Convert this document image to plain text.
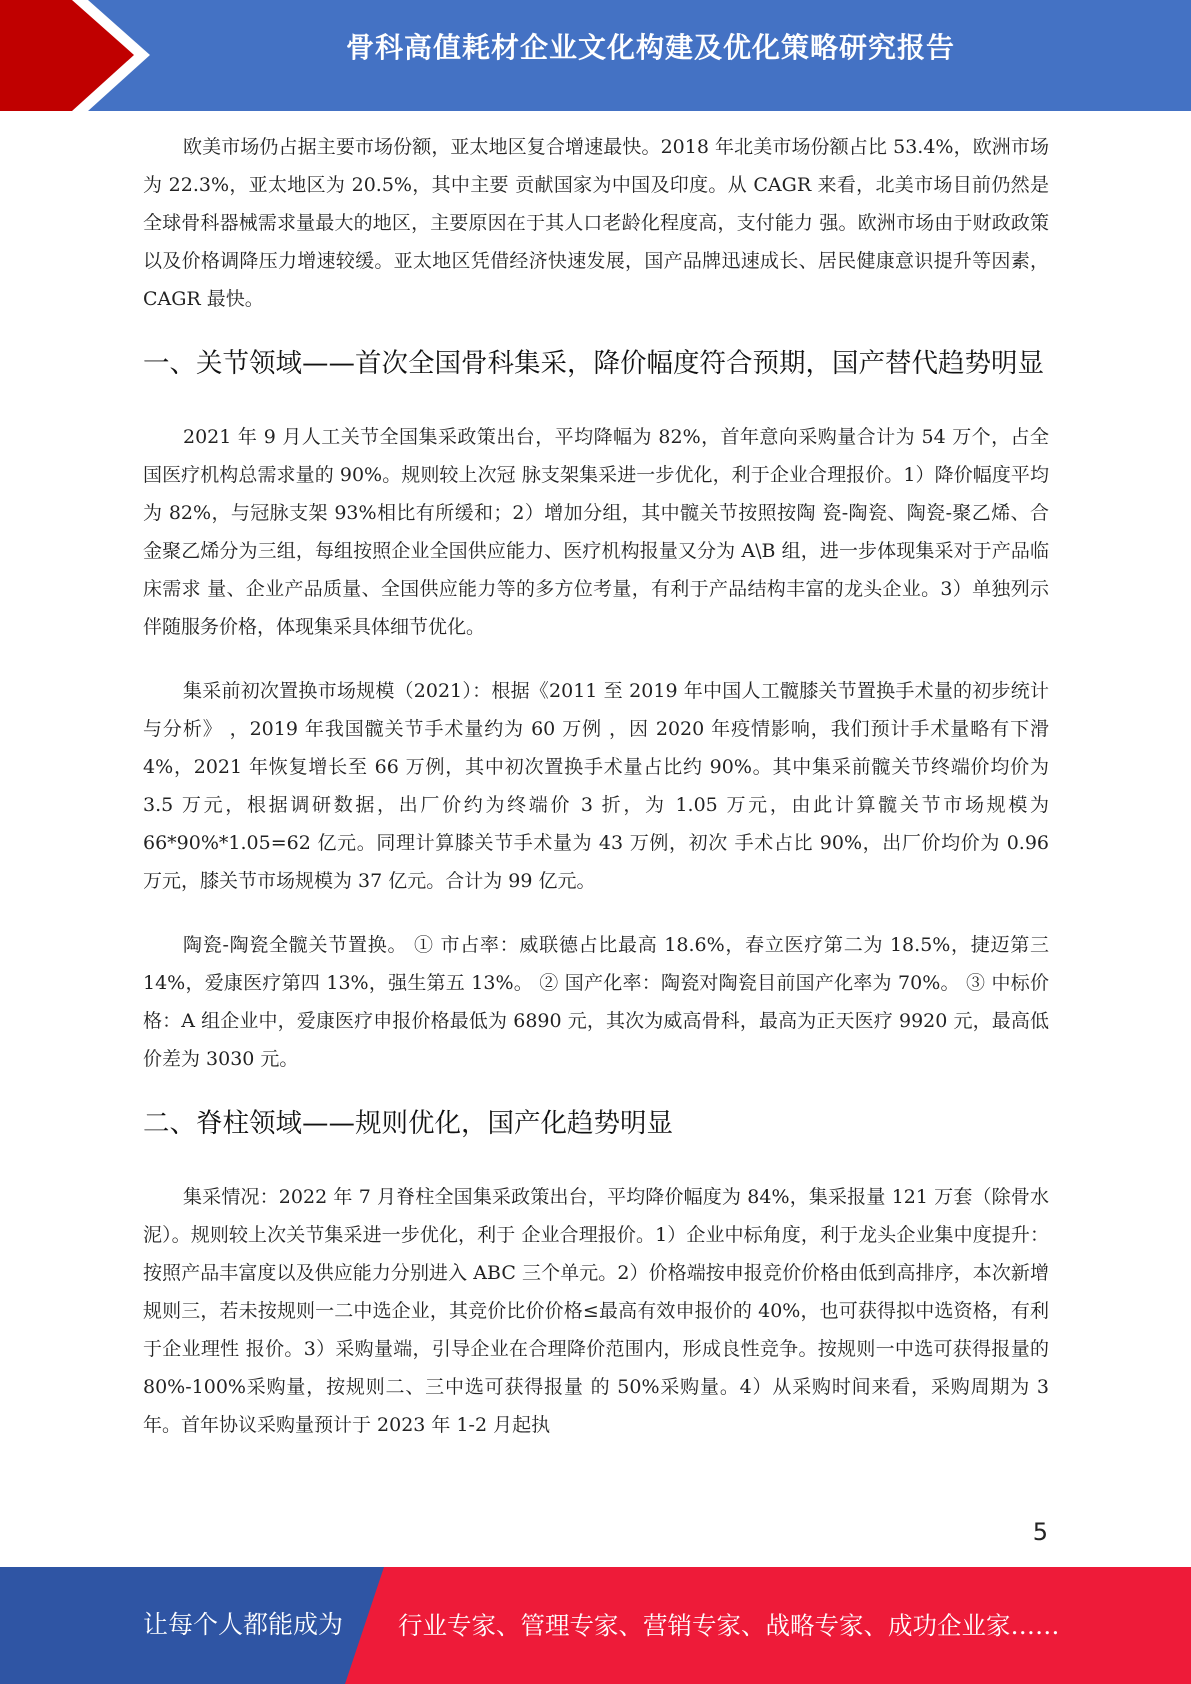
骨科高值耗材企业文化构建及优化策略研究报告

欧美市场仍占据主要市场份额，亚太地区复合增速最快。2018 年北美市场份额占比 53.4%，欧洲市场为 22.3%，亚太地区为 20.5%，其中主要 贡献国家为中国及印度。从 CAGR 来看，北美市场目前仍然是全球骨科器械需求量最大的地区，主要原因在于其人口老龄化程度高，支付能力 强。欧洲市场由于财政政策以及价格调降压力增速较缓。亚太地区凭借经济快速发展，国产品牌迅速成长、居民健康意识提升等因素，CAGR 最快。

一、关节领域——首次全国骨科集采，降价幅度符合预期，国产替代趋势明显

2021 年 9 月人工关节全国集采政策出台，平均降幅为 82%，首年意向采购量合计为 54 万个，占全国医疗机构总需求量的 90%。规则较上次冠 脉支架集采进一步优化，利于企业合理报价。1）降价幅度平均为 82%，与冠脉支架 93%相比有所缓和；2）增加分组，其中髋关节按照按陶 瓷-陶瓷、陶瓷-聚乙烯、合金聚乙烯分为三组，每组按照企业全国供应能力、医疗机构报量又分为 A\B 组，进一步体现集采对于产品临床需求 量、企业产品质量、全国供应能力等的多方位考量，有利于产品结构丰富的龙头企业。3）单独列示伴随服务价格，体现集采具体细节优化。

集采前初次置换市场规模（2021）：根据《2011 至 2019 年中国人工髋膝关节置换手术量的初步统计与分析》 ，2019 年我国髋关节手术量约为 60 万例 ，因 2020 年疫情影响，我们预计手术量略有下滑 4%，2021 年恢复增长至 66 万例，其中初次置换手术量占比约 90%。其中集采前髋关节终端价均价为 3.5 万元，根据调研数据，出厂价约为终端价 3 折，为 1.05 万元，由此计算髋关节市场规模为 66*90%*1.05=62 亿元。同理计算膝关节手术量为 43 万例，初次 手术占比 90%，出厂价均价为 0.96 万元，膝关节市场规模为 37 亿元。合计为 99 亿元。

陶瓷-陶瓷全髋关节置换。 ① 市占率：威联德占比最高 18.6%，春立医疗第二为 18.5%，捷迈第三 14%，爱康医疗第四 13%，强生第五 13%。 ② 国产化率：陶瓷对陶瓷目前国产化率为 70%。 ③ 中标价格：A 组企业中，爱康医疗申报价格最低为 6890 元，其次为威高骨科，最高为正天医疗 9920 元，最高低价差为 3030 元。

二、脊柱领域——规则优化，国产化趋势明显

集采情况：2022 年 7 月脊柱全国集采政策出台，平均降价幅度为 84%，集采报量 121 万套（除骨水泥）。规则较上次关节集采进一步优化，利于 企业合理报价。1）企业中标角度，利于龙头企业集中度提升：按照产品丰富度以及供应能力分别进入 ABC 三个单元。2）价格端按申报竞价价格由低到高排序，本次新增规则三，若未按规则一二中选企业，其竞价比价价格≤最高有效申报价的 40%，也可获得拟中选资格，有利于企业理性 报价。3）采购量端，引导企业在合理降价范围内，形成良性竞争。按规则一中选可获得报量的 80%-100%采购量，按规则二、三中选可获得报量 的 50%采购量。4）从采购时间来看，采购周期为 3 年。首年协议采购量预计于 2023 年 1-2 月起执

5
让每个人都能成为 行业专家、管理专家、营销专家、战略专家、成功企业家……
